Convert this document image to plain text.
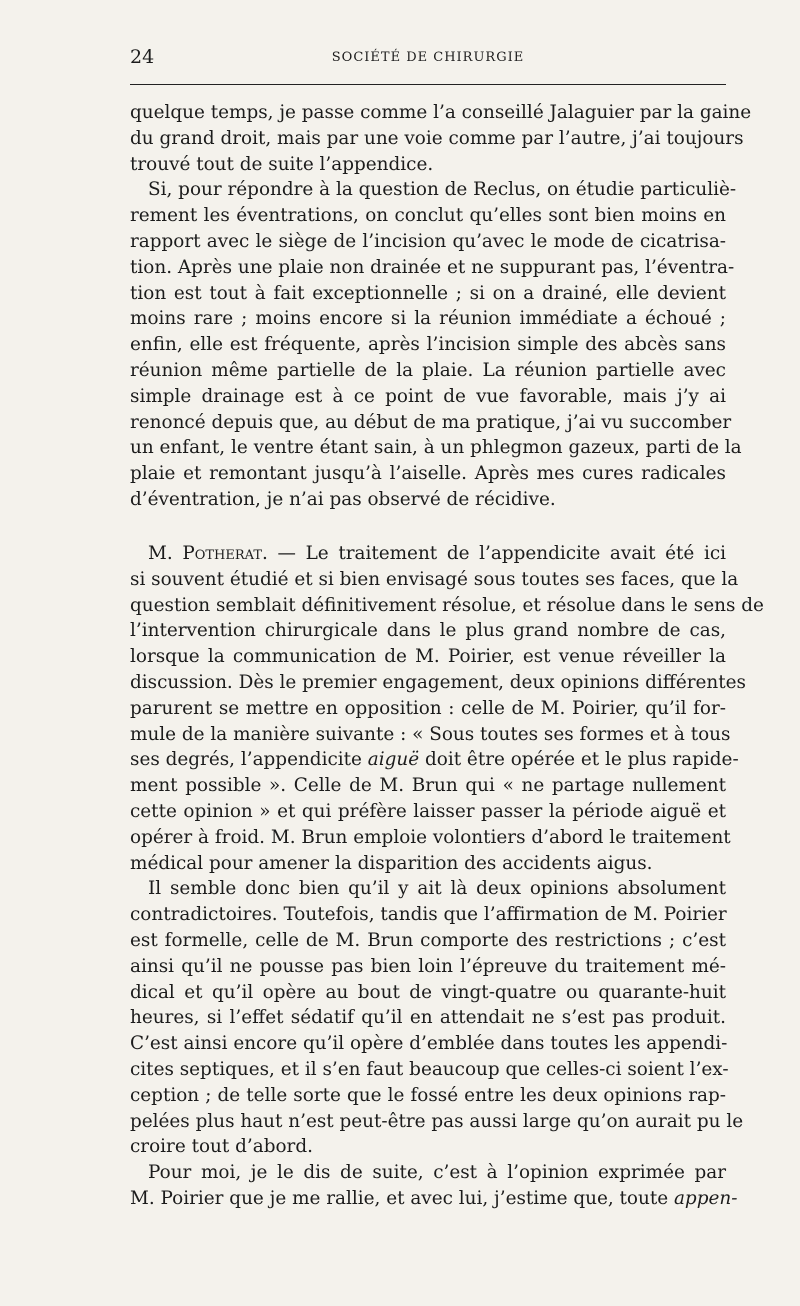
24	SOCIÉTÉ DE CHIRURGIE
quelque temps, je passe comme l’a conseillé Jalaguier par la gaine
du grand droit, mais par une voie comme par l’autre, j’ai toujours
trouvé tout de suite l’appendice.
Si, pour répondre à la question de Reclus, on étudie particuliè-
rement les éventrations, on conclut qu’elles sont bien moins en
rapport avec le siège de l’incision qu’avec le mode de cicatrisa-
tion. Après une plaie non drainée et ne suppurant pas, l’éventra-
tion est tout à fait exceptionnelle ; si on a drainé, elle devient
moins rare ; moins encore si la réunion immédiate a échoué ;
enfin, elle est fréquente, après l’incision simple des abcès sans
réunion même partielle de la plaie. La réunion partielle avec
simple drainage est à ce point de vue favorable, mais j’y ai
renoncé depuis que, au début de ma pratique, j’ai vu succomber
un enfant, le ventre étant sain, à un phlegmon gazeux, parti de la
plaie et remontant jusqu’à l’aiselle. Après mes cures radicales
d’éventration, je n’ai pas observé de récidive.
M. Potherat. — Le traitement de l’appendicite avait été ici
si souvent étudié et si bien envisagé sous toutes ses faces, que la
question semblait définitivement résolue, et résolue dans le sens de
l’intervention chirurgicale dans le plus grand nombre de cas,
lorsque la communication de M. Poirier, est venue réveiller la
discussion. Dès le premier engagement, deux opinions différentes
parurent se mettre en opposition : celle de M. Poirier, qu’il for-
mule de la manière suivante : « Sous toutes ses formes et à tous
ses degrés, l’appendicite aiguë doit être opérée et le plus rapide-
ment possible ». Celle de M. Brun qui « ne partage nullement
cette opinion » et qui préfère laisser passer la période aiguë et
opérer à froid. M. Brun emploie volontiers d’abord le traitement
médical pour amener la disparition des accidents aigus.
Il semble donc bien qu’il y ait là deux opinions absolument
contradictoires. Toutefois, tandis que l’affirmation de M. Poirier
est formelle, celle de M. Brun comporte des restrictions ; c’est
ainsi qu’il ne pousse pas bien loin l’épreuve du traitement mé-
dical et qu’il opère au bout de vingt-quatre ou quarante-huit
heures, si l’effet sédatif qu’il en attendait ne s’est pas produit.
C’est ainsi encore qu’il opère d’emblée dans toutes les appendi-
cites septiques, et il s’en faut beaucoup que celles-ci soient l’ex-
ception ; de telle sorte que le fossé entre les deux opinions rap-
pelées plus haut n’est peut-être pas aussi large qu’on aurait pu le
croire tout d’abord.
Pour moi, je le dis de suite, c’est à l’opinion exprimée par
M. Poirier que je me rallie, et avec lui, j’estime que, toute appen-
